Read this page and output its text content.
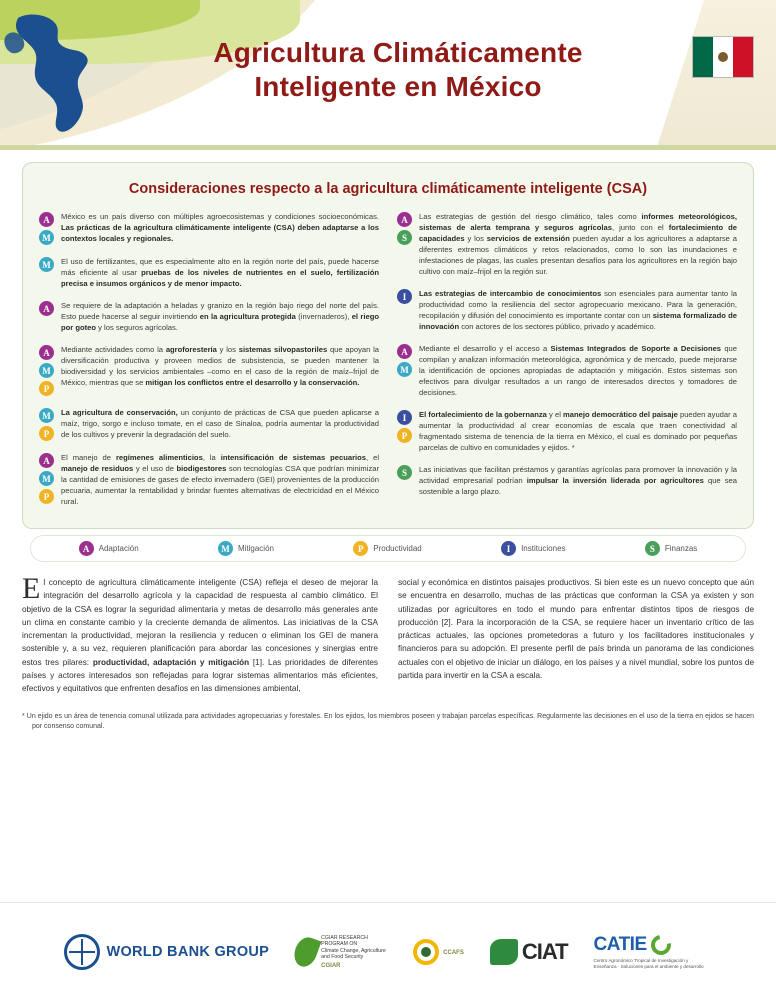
Agricultura Climáticamente
Inteligente en México
Consideraciones respecto a la agricultura climáticamente inteligente (CSA)
A
M
México es un país diverso con múltiples agroecosistemas y condiciones socioeconómicas. Las prácticas de la agricultura climáticamente inteligente (CSA) deben adaptarse a los contextos locales y regionales.
M	El uso de fertilizantes, que es especialmente alto en la región norte del país, puede hacerse más eficiente al usar pruebas de los niveles de nutrientes en el suelo, fertilización precisa e insumos orgánicos y de menor impacto.
A	Se requiere de la adaptación a heladas y granizo en la región bajo riego del norte del país. Esto puede hacerse al seguir invirtiendo en la agricultura protegida (invernaderos), el riego por goteo y los seguros agrícolas.
A
M
P
Mediante actividades como la agroforestería y los sistemas silvopastoriles que apoyan la diversificación productiva y proveen medios de subsistencia, se pueden mantener la biodiversidad y los servicios ambientales –como en el caso de la región de maíz–frijol de México, mientras que se mitigan los conflictos entre el desarrollo y la conservación.
M
P
La agricultura de conservación, un conjunto de prácticas de CSA que pueden aplicarse a maíz, trigo, sorgo e incluso tomate, en el caso de Sinaloa, podría aumentar la productividad de los cultivos y prevenir la degradación del suelo.
A
M
P
El manejo de regímenes alimenticios, la intensificación de sistemas pecuarios, el manejo de residuos y el uso de biodigestores son tecnologías CSA que podrían minimizar la cantidad de emisiones de gases de efecto invernadero (GEI) provenientes de la producción pecuaria, aumentar la rentabilidad y brindar fuentes alternativas de electricidad en el México rural.
A
S
Las estrategias de gestión del riesgo climático, tales como informes meteorológicos, sistemas de alerta temprana y seguros agrícolas, junto con el fortalecimiento de capacidades y los servicios de extensión pueden ayudar a los agricultores a adaptarse a diferentes extremos climáticos y retos relacionados, como lo son las inundaciones e infestaciones de plagas, las cuales presentan desafíos para los agricultores en la región bajo cultivo con maíz–frijol en la región sur.
I	Las estrategias de intercambio de conocimientos son esenciales para aumentar tanto la productividad como la resiliencia del sector agropecuario mexicano. Para la generación, recopilación y difusión del conocimiento es importante contar con un sistema formalizado de innovación con actores de los sectores público, privado y académico.
A
M
Mediante el desarrollo y el acceso a Sistemas Integrados de Soporte a Decisiones que compilan y analizan información meteorológica, agronómica y de mercado, puede mejorarse la identificación de opciones apropiadas de adaptación y mitigación. Estos sistemas son efectivos para divulgar resultados a un rango de interesados directos y tomadores de decisiones.
I
P
El fortalecimiento de la gobernanza y el manejo democrático del paisaje pueden ayudar a aumentar la productividad al crear economías de escala que traen conectividad al fragmentado sistema de tenencia de la tierra en México, el cual es dominado por pequeñas parcelas de cultivo en comunidades y ejidos. *
S	Las iniciativas que facilitan préstamos y garantías agrícolas para promover la innovación y la actividad empresarial podrían impulsar la inversión liderada por agricultores que sea sostenible a largo plazo.
A	Adaptación	M	Mitigación	P	Productividad	I	Instituciones	S	Finanzas
El concepto de agricultura climáticamente inteligente (CSA) refleja el deseo de mejorar la integración del desarrollo agrícola y la capacidad de respuesta al cambio climático. El objetivo de la CSA es lograr la seguridad alimentaria y metas de desarrollo más generales ante un clima en constante cambio y la creciente demanda de alimentos. Las iniciativas de la CSA incrementan la productividad, mejoran la resiliencia y reducen o eliminan los GEI de manera sostenible y, a su vez, requieren planificación para abordar las concesiones y sinergias entre estos tres pilares: productividad, adaptación y mitigación [1]. Las prioridades de diferentes países y actores interesados son reflejadas para lograr sistemas alimentarios más eficientes, efectivos y equitativos que enfrenten desafíos en las dimensiones ambiental,
social y económica en distintos paisajes productivos. Si bien este es un nuevo concepto que aún se encuentra en desarrollo, muchas de las prácticas que conforman la CSA ya existen y son utilizadas por agricultores en todo el mundo para enfrentar distintos tipos de riesgos de producción [2]. Para la incorporación de la CSA, se requiere hacer un inventario crítico de las prácticas actuales, las opciones prometedoras a futuro y los facilitadores institucionales y financieros para su adopción. El presente perfil de país brinda un panorama de las condiciones actuales con el objetivo de iniciar un diálogo, en los países y a nivel mundial, sobre los puntos de partida para invertir en la CSA a escala.
* Un ejido es un área de tenencia comunal utilizada para actividades agropecuarias y forestales. En los ejidos, los miembros poseen y trabajan parcelas específicas. Regularmente las decisiones en el uso de la tierra en ejidos se hacen por consenso comunal.
WORLD BANK GROUP
CGIAR RESEARCH PROGRAM ON
Climate Change, Agriculture and Food Security
CGIAR
CCAFS	CIAT CATIE
Centro Agronómico Tropical de Investigación y Enseñanza · Soluciones para el ambiente y desarrollo
